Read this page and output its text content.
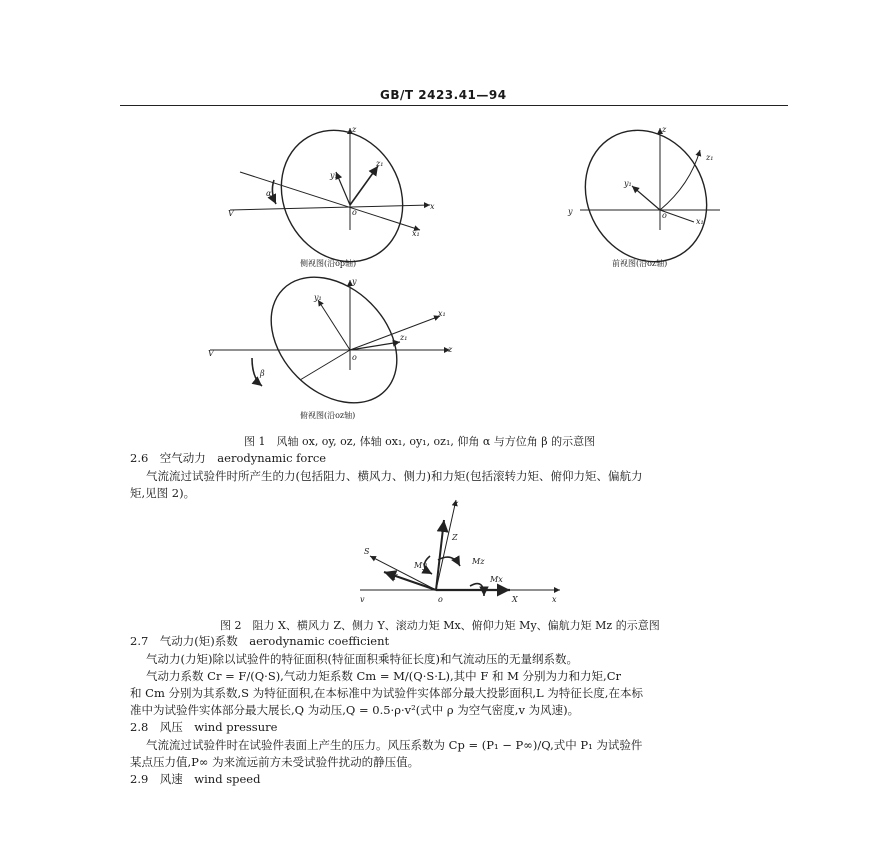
GB/T 2423.41—94
z
x
x₁
V
y₁
z₁
α
o
z
z₁
y₁
y
x₁
o
y
y₁
x₁
z₁
z
V
β
o
z
Z
Mz
My
S
Y	Mx
X	x
v	o
侧视图(沿op轴)	前视图(沿oz轴)
俯视图(沿oz轴)
图 1　风轴 ox, oy, oz, 体轴 ox₁, oy₁, oz₁, 仰角 α 与方位角 β 的示意图
2.6　空气动力　aerodynamic force
气流流过试验件时所产生的力(包括阻力、横风力、侧力)和力矩(包括滚转力矩、俯仰力矩、偏航力
矩,见图 2)。
图 2　阻力 X、横风力 Z、侧力 Y、滚动力矩 Mx、俯仰力矩 My、偏航力矩 Mz 的示意图
2.7　气动力(矩)系数　aerodynamic coefficient
气动力(力矩)除以试验件的特征面积(特征面积乘特征长度)和气流动压的无量纲系数。
气动力系数 Cr = F/(Q·S),气动力矩系数 Cm = M/(Q·S·L),其中 F 和 M 分别为力和力矩,Cr
和 Cm 分别为其系数,S 为特征面积,在本标准中为试验件实体部分最大投影面积,L 为特征长度,在本标
准中为试验件实体部分最大展长,Q 为动压,Q = 0.5·ρ·v²(式中 ρ 为空气密度,v 为风速)。
2.8　风压　wind pressure
气流流过试验件时在试验件表面上产生的压力。风压系数为 Cp = (P₁ − P∞)/Q,式中 P₁ 为试验件
某点压力值,P∞ 为来流远前方未受试验件扰动的静压值。
2.9　风速　wind speed
